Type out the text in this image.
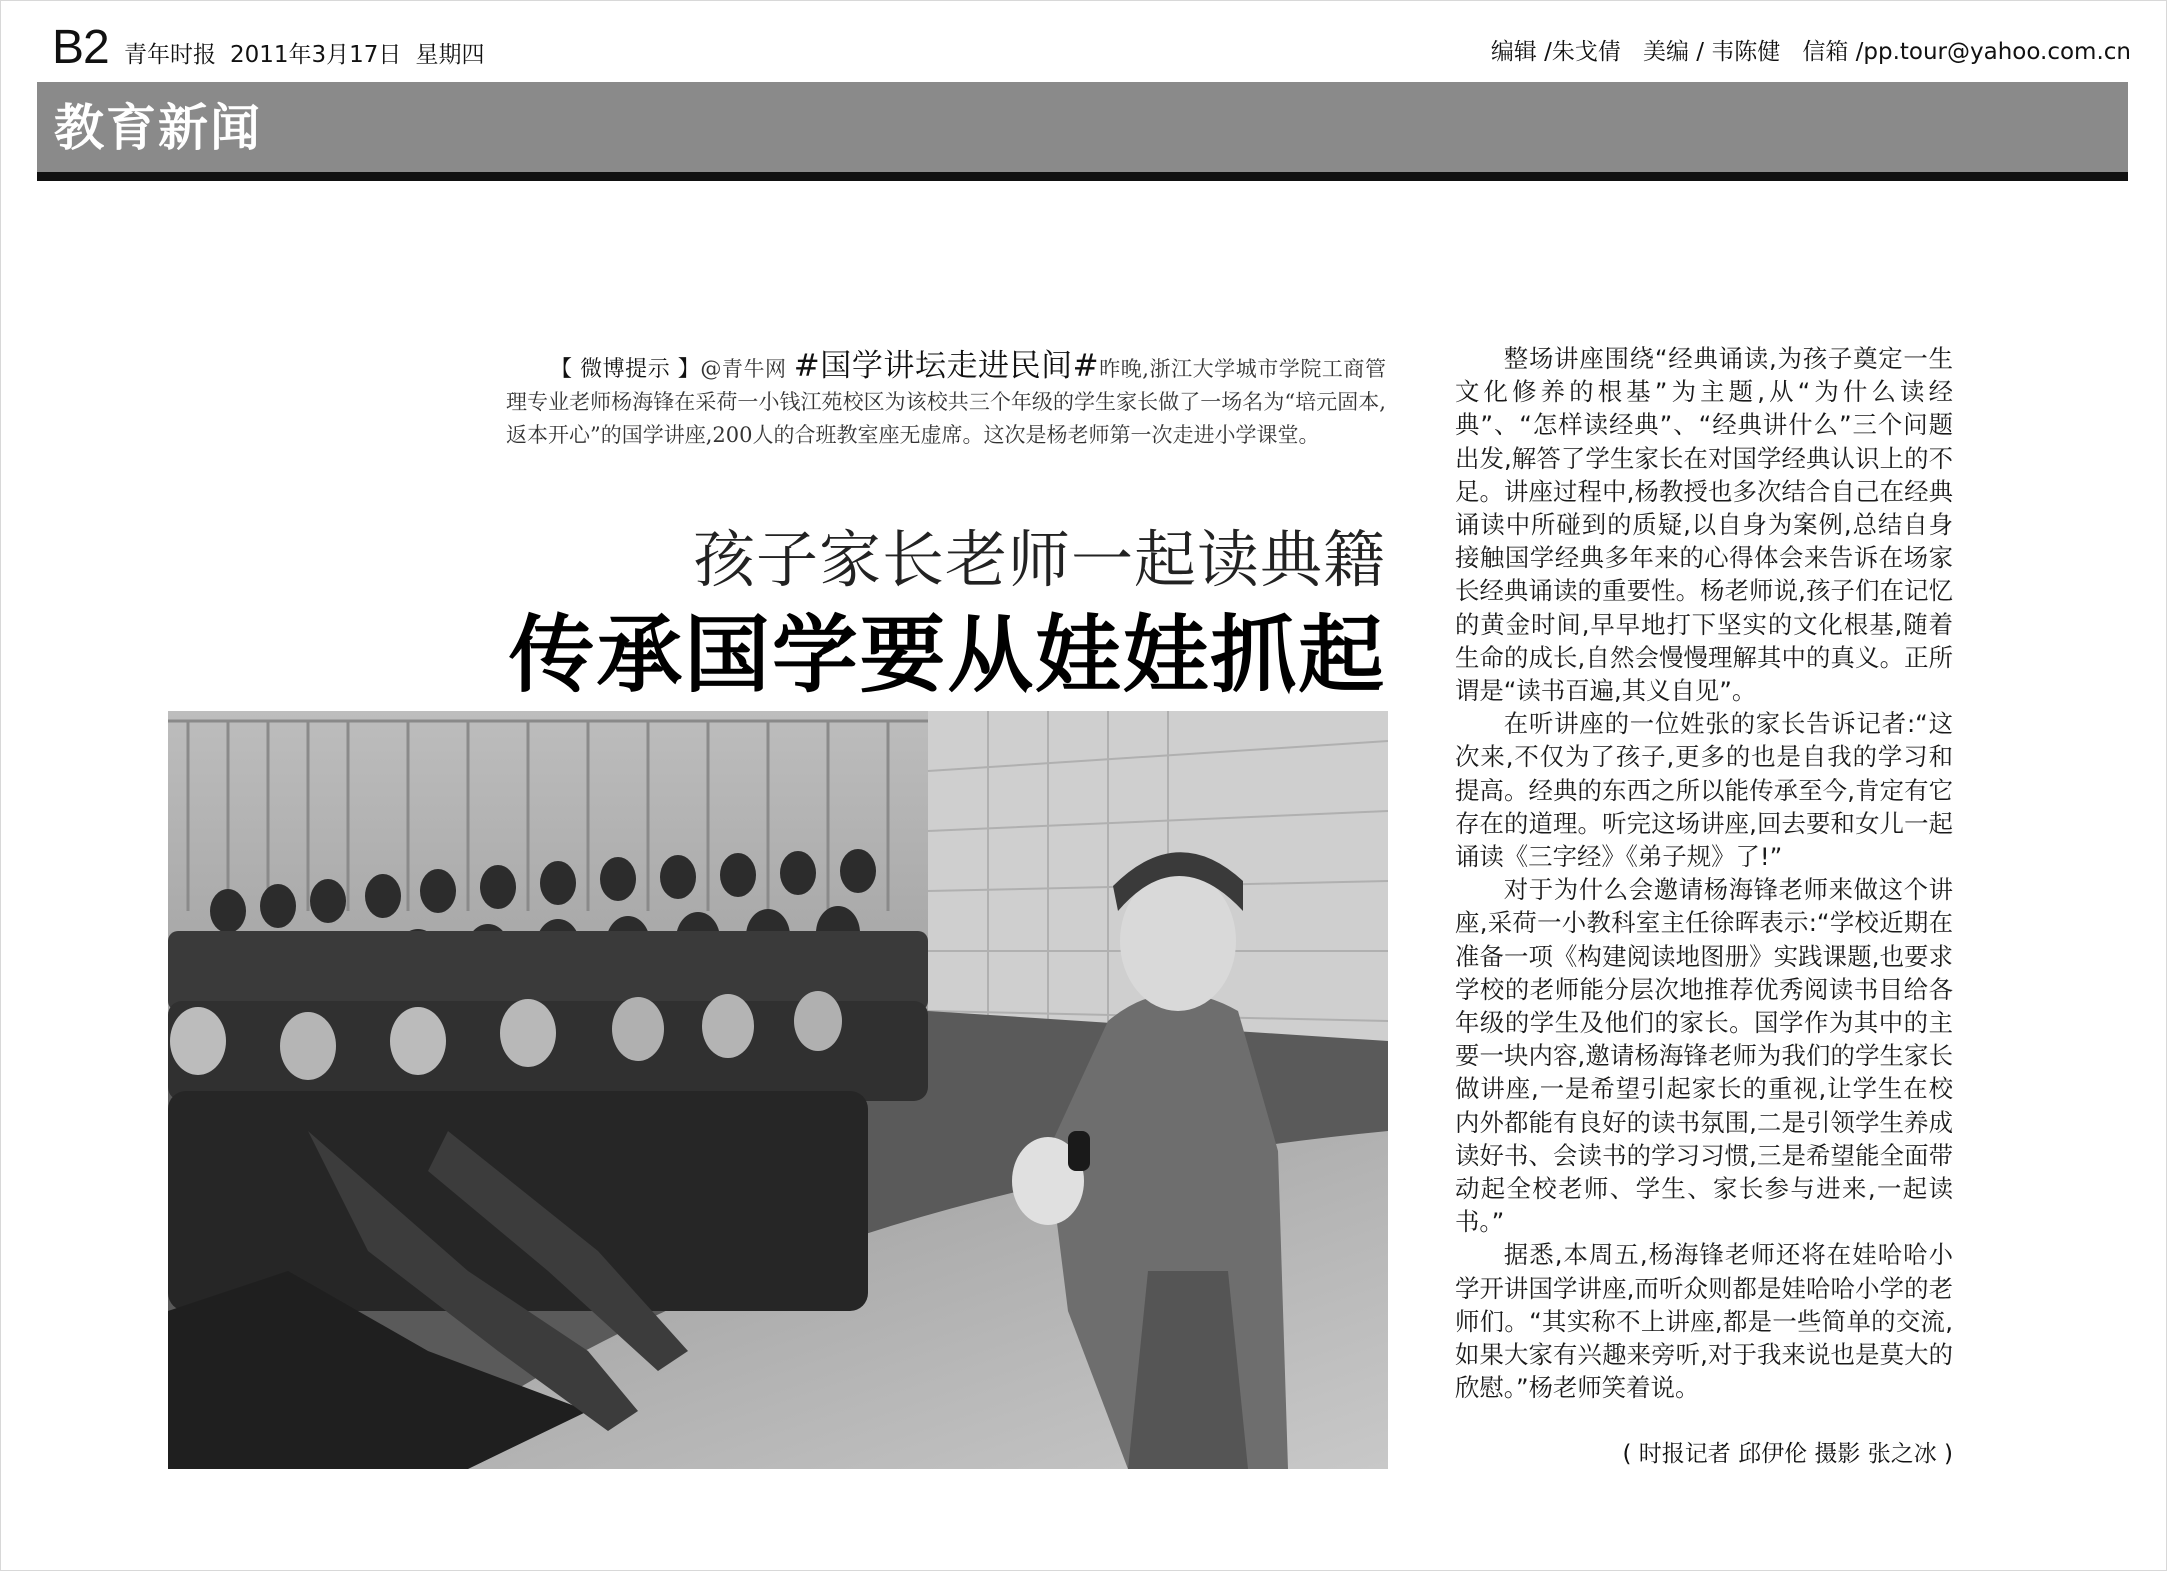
B2 青年时报 2011年3月17日 星期四	编辑 /朱戈倩 美编 / 韦陈健 信箱 /pp.tour@yahoo.com.cn
教育新闻
【 微博提示 】@青牛网 #国学讲坛走进民间#昨晚,浙江大学城市学院工商管理专业老师杨海锋在采荷一小钱江苑校区为该校共三个年级的学生家长做了一场名为“培元固本,返本开心”的国学讲座,200人的合班教室座无虚席。这次是杨老师第一次走进小学课堂。
孩子家长老师一起读典籍
传承国学要从娃娃抓起

整场讲座围绕“经典诵读,为孩子奠定一生文化修养的根基”为主题,从“为什么读经典”、“怎样读经典”、“经典讲什么”三个问题出发,解答了学生家长在对国学经典认识上的不足。讲座过程中,杨教授也多次结合自己在经典诵读中所碰到的质疑,以自身为案例,总结自身接触国学经典多年来的心得体会来告诉在场家长经典诵读的重要性。杨老师说,孩子们在记忆的黄金时间,早早地打下坚实的文化根基,随着生命的成长,自然会慢慢理解其中的真义。正所谓是“读书百遍,其义自见”。

在听讲座的一位姓张的家长告诉记者:“这次来,不仅为了孩子,更多的也是自我的学习和提高。经典的东西之所以能传承至今,肯定有它存在的道理。听完这场讲座,回去要和女儿一起诵读《三字经》《弟子规》了!”

对于为什么会邀请杨海锋老师来做这个讲座,采荷一小教科室主任徐晖表示:“学校近期在准备一项《构建阅读地图册》实践课题,也要求学校的老师能分层次地推荐优秀阅读书目给各年级的学生及他们的家长。国学作为其中的主要一块内容,邀请杨海锋老师为我们的学生家长做讲座,一是希望引起家长的重视,让学生在校内外都能有良好的读书氛围,二是引领学生养成读好书、会读书的学习习惯,三是希望能全面带动起全校老师、学生、家长参与进来,一起读书。”

据悉,本周五,杨海锋老师还将在娃哈哈小学开讲国学讲座,而听众则都是娃哈哈小学的老师们。“其实称不上讲座,都是一些简单的交流,如果大家有兴趣来旁听,对于我来说也是莫大的欣慰。”杨老师笑着说。

( 时报记者 邱伊伦 摄影 张之冰 )
